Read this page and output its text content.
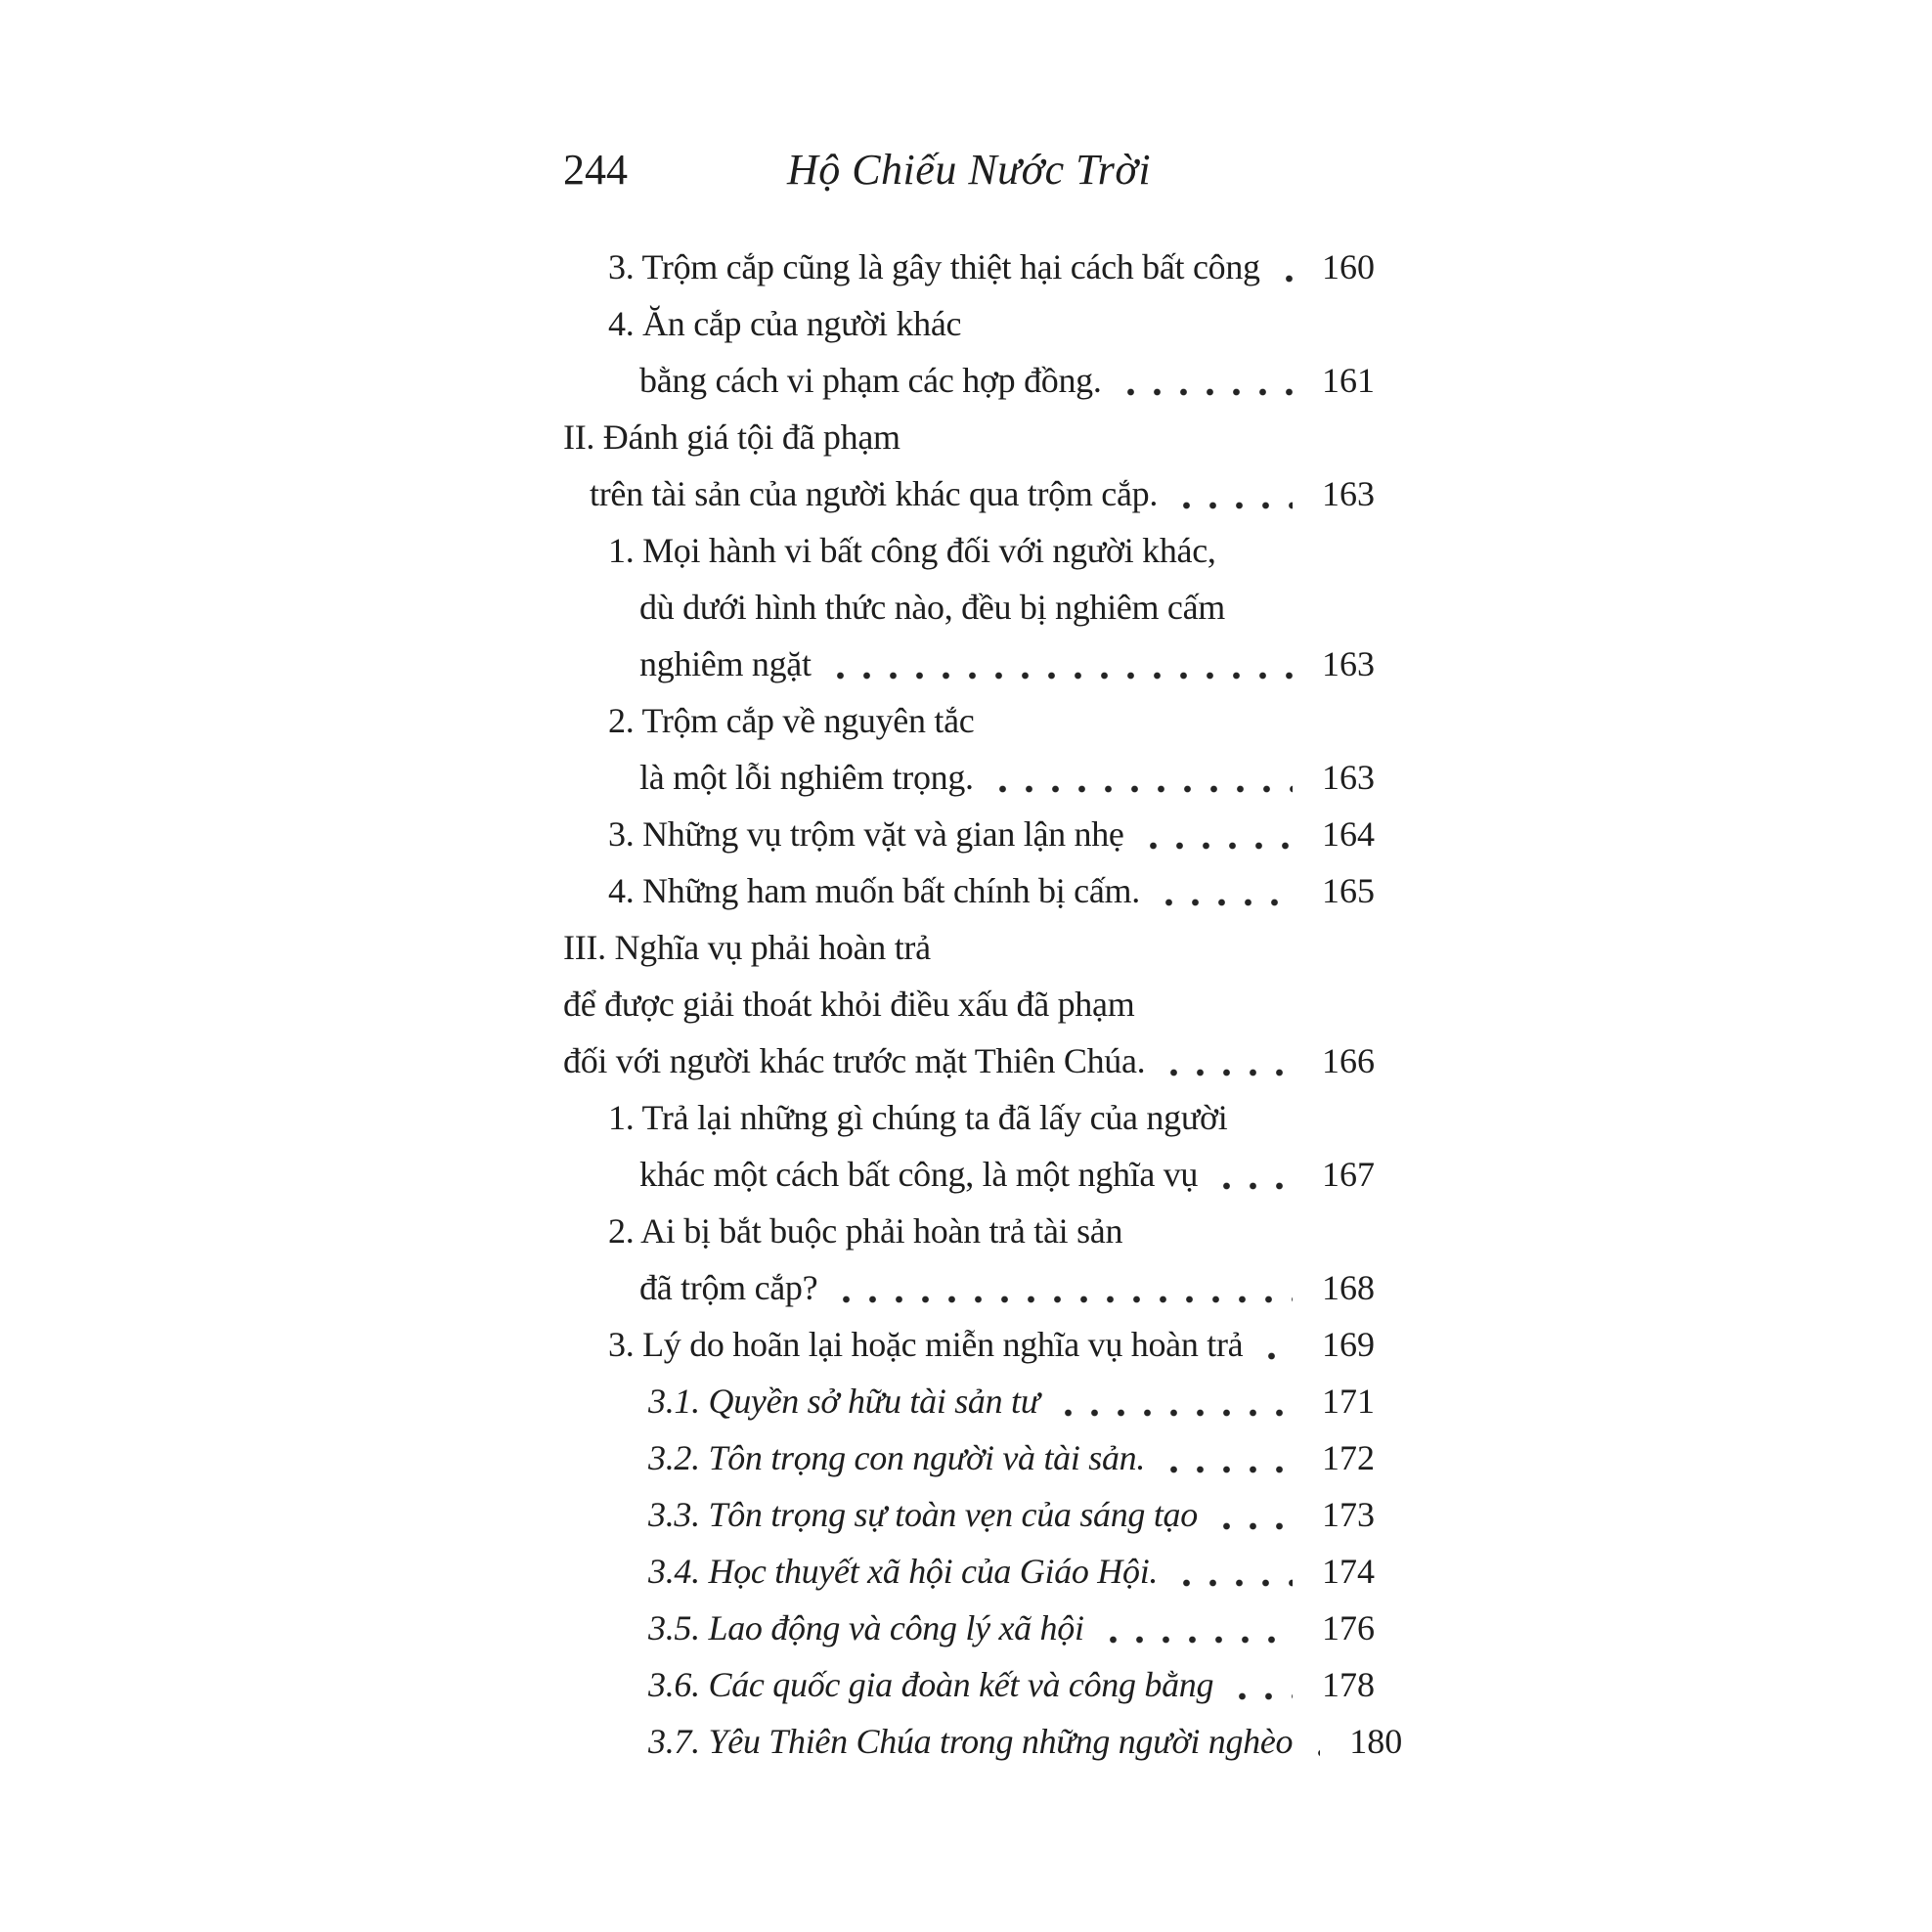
244	Hộ Chiếu Nước Trời
3. Trộm cắp cũng là gây thiệt hại cách bất công	160
4. Ăn cắp của người khác
bằng cách vi phạm các hợp đồng.	161
II. Đánh giá tội đã phạm
trên tài sản của người khác qua trộm cắp.	163
1. Mọi hành vi bất công đối với người khác,
dù dưới hình thức nào, đều bị nghiêm cấm
nghiêm ngặt	163
2. Trộm cắp về nguyên tắc
là một lỗi nghiêm trọng.	163
3. Những vụ trộm vặt và gian lận nhẹ	164
4. Những ham muốn bất chính bị cấm.	165
III. Nghĩa vụ phải hoàn trả
để được giải thoát khỏi điều xấu đã phạm
đối với người khác trước mặt Thiên Chúa.	166
1. Trả lại những gì chúng ta đã lấy của người
khác một cách bất công, là một nghĩa vụ	167
2. Ai bị bắt buộc phải hoàn trả tài sản
đã trộm cắp?	168
3. Lý do hoãn lại hoặc miễn nghĩa vụ hoàn trả	169
3.1. Quyền sở hữu tài sản tư	171
3.2. Tôn trọng con người và tài sản.	172
3.3. Tôn trọng sự toàn vẹn của sáng tạo	173
3.4. Học thuyết xã hội của Giáo Hội.	174
3.5. Lao động và công lý xã hội	176
3.6. Các quốc gia đoàn kết và công bằng	178
3.7. Yêu Thiên Chúa trong những người nghèo	180
